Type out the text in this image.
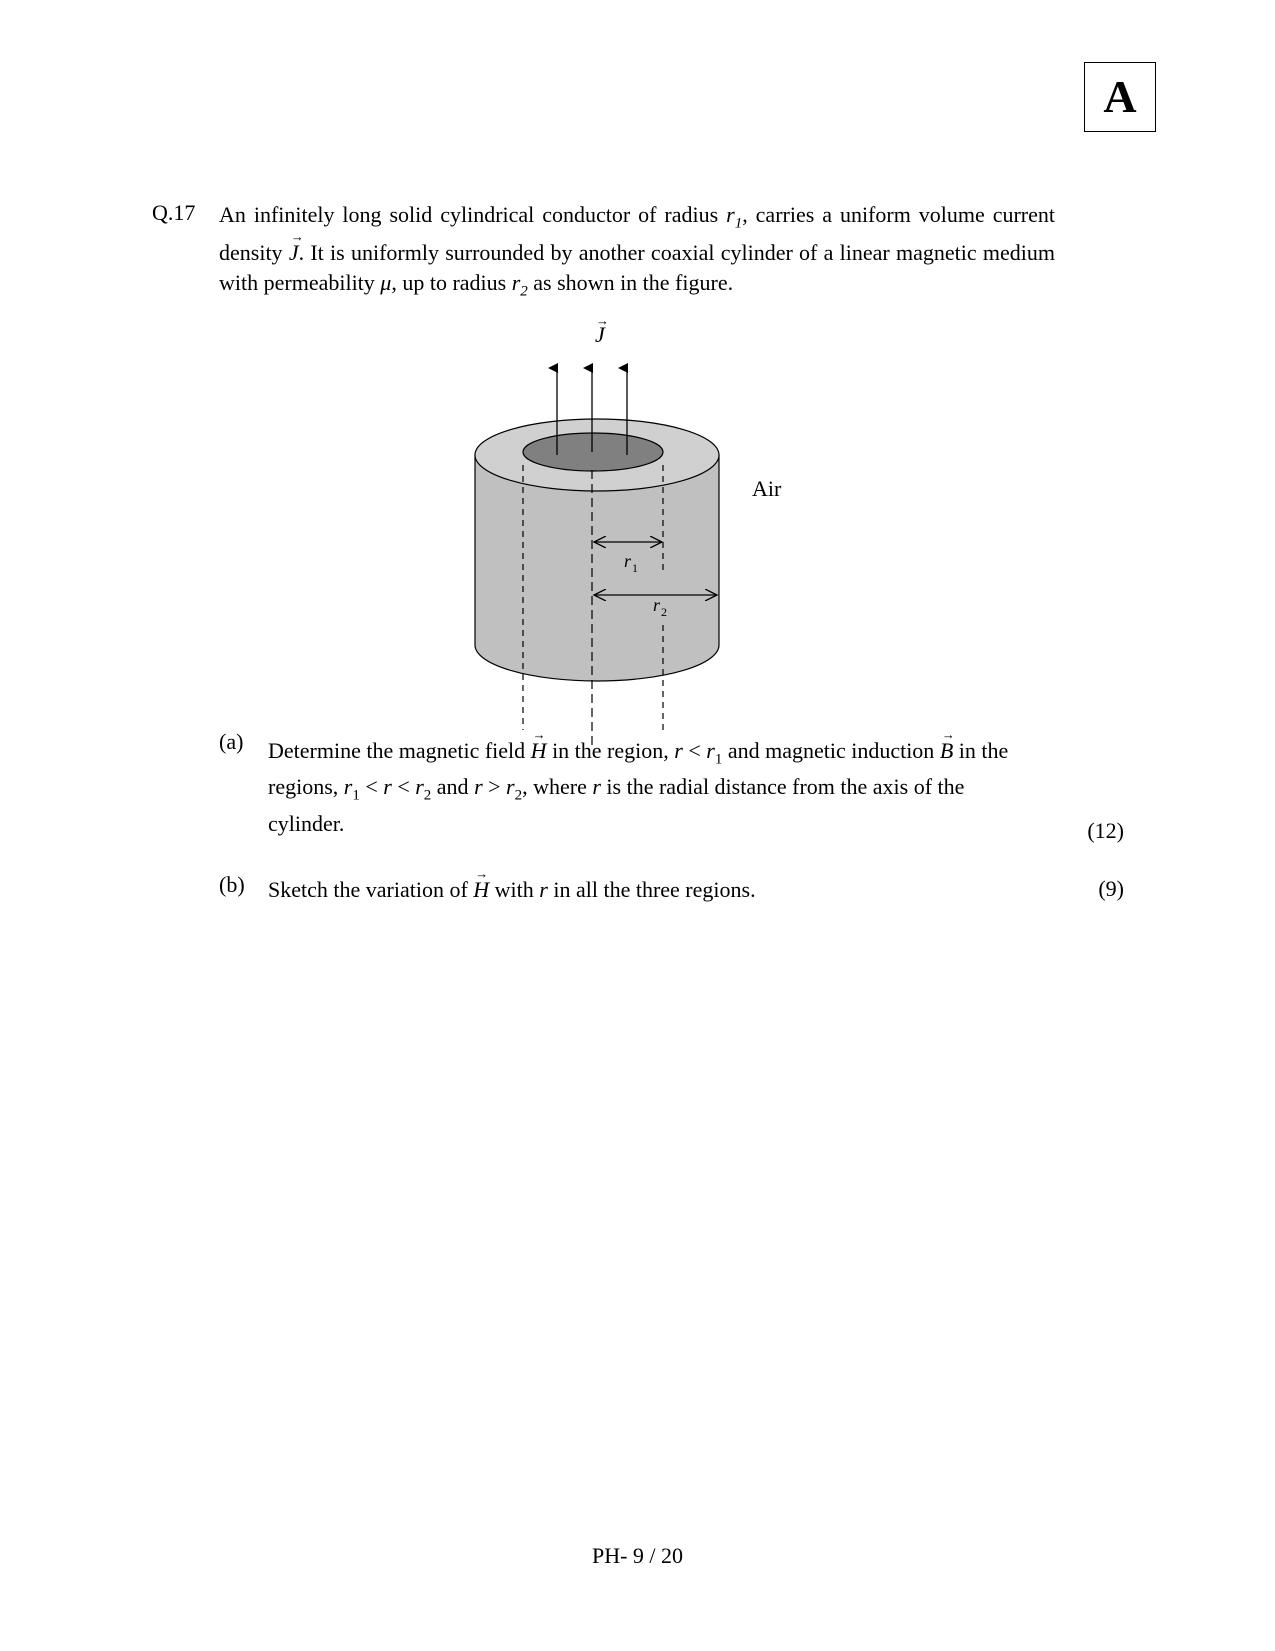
A
Q.17 An infinitely long solid cylindrical conductor of radius $r_1$, carries a uniform volume current density → J. It is uniformly surrounded by another coaxial cylinder of a linear magnetic medium with permeability μ, up to radius $r_2$ as shown in the figure.
J
→
Air
r 1
r 2
(a) Determine the magnetic field → H in the region, $r < r_1$ and magnetic induction → B in the regions, $r_1 < r < r_2$ and $r > r_2$, where r is the radial distance from the axis of the cylinder.	(12)
(b) Sketch the variation of → H with r in all the three regions.	(9)
PH- 9 / 20
